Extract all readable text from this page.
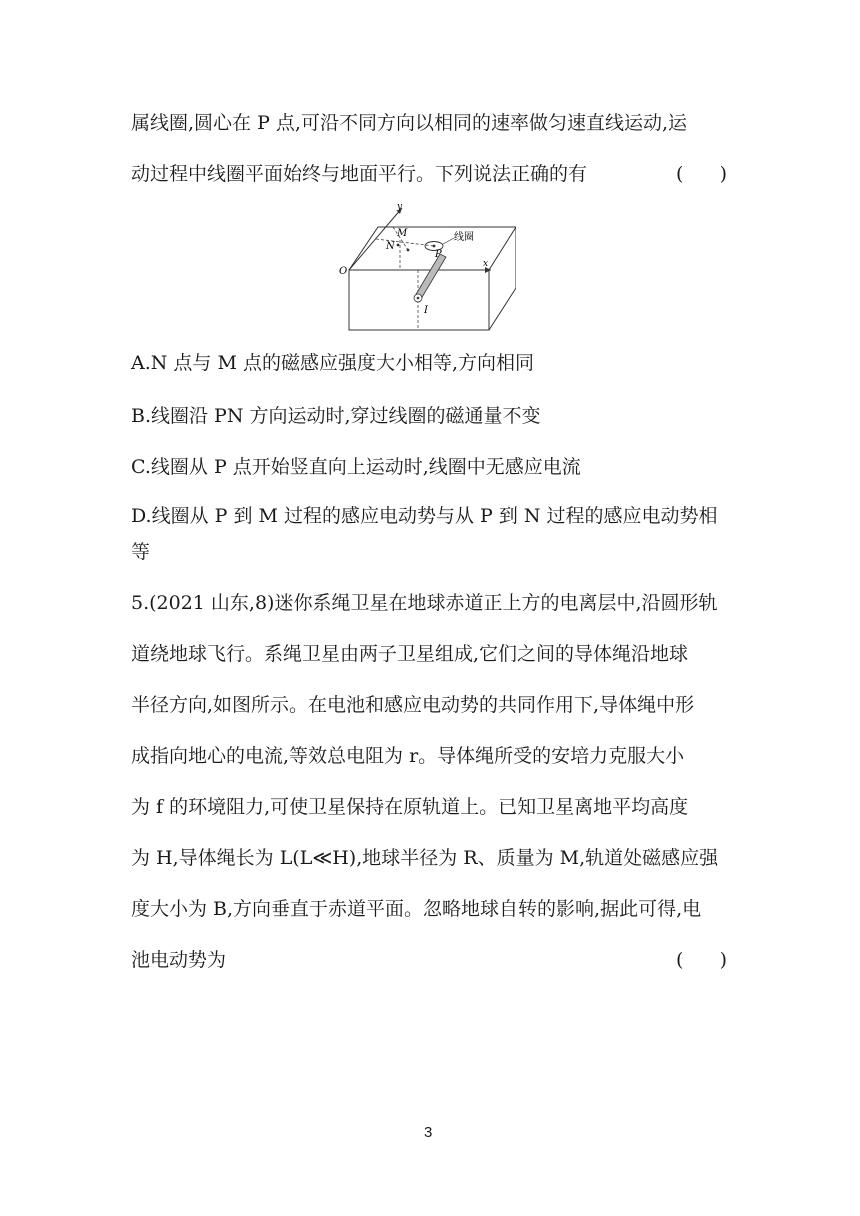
属线圈,圆心在 P 点,可沿不同方向以相同的速率做匀速直线运动,运
动过程中线圈平面始终与地面平行。下列说法正确的有	(      )
y
x
O
M
N
P
I
线圈
A.N 点与 M 点的磁感应强度大小相等,方向相同
B.线圈沿 PN 方向运动时,穿过线圈的磁通量不变
C.线圈从 P 点开始竖直向上运动时,线圈中无感应电流
D.线圈从 P 到 M 过程的感应电动势与从 P 到 N 过程的感应电动势相
等
5.(2021 山东,8)迷你系绳卫星在地球赤道正上方的电离层中,沿圆形轨
道绕地球飞行。系绳卫星由两子卫星组成,它们之间的导体绳沿地球
半径方向,如图所示。在电池和感应电动势的共同作用下,导体绳中形
成指向地心的电流,等效总电阻为 r。导体绳所受的安培力克服大小
为 f 的环境阻力,可使卫星保持在原轨道上。已知卫星离地平均高度
为 H,导体绳长为 L(L≪H),地球半径为 R、质量为 M,轨道处磁感应强
度大小为 B,方向垂直于赤道平面。忽略地球自转的影响,据此可得,电
池电动势为	(      )
3
